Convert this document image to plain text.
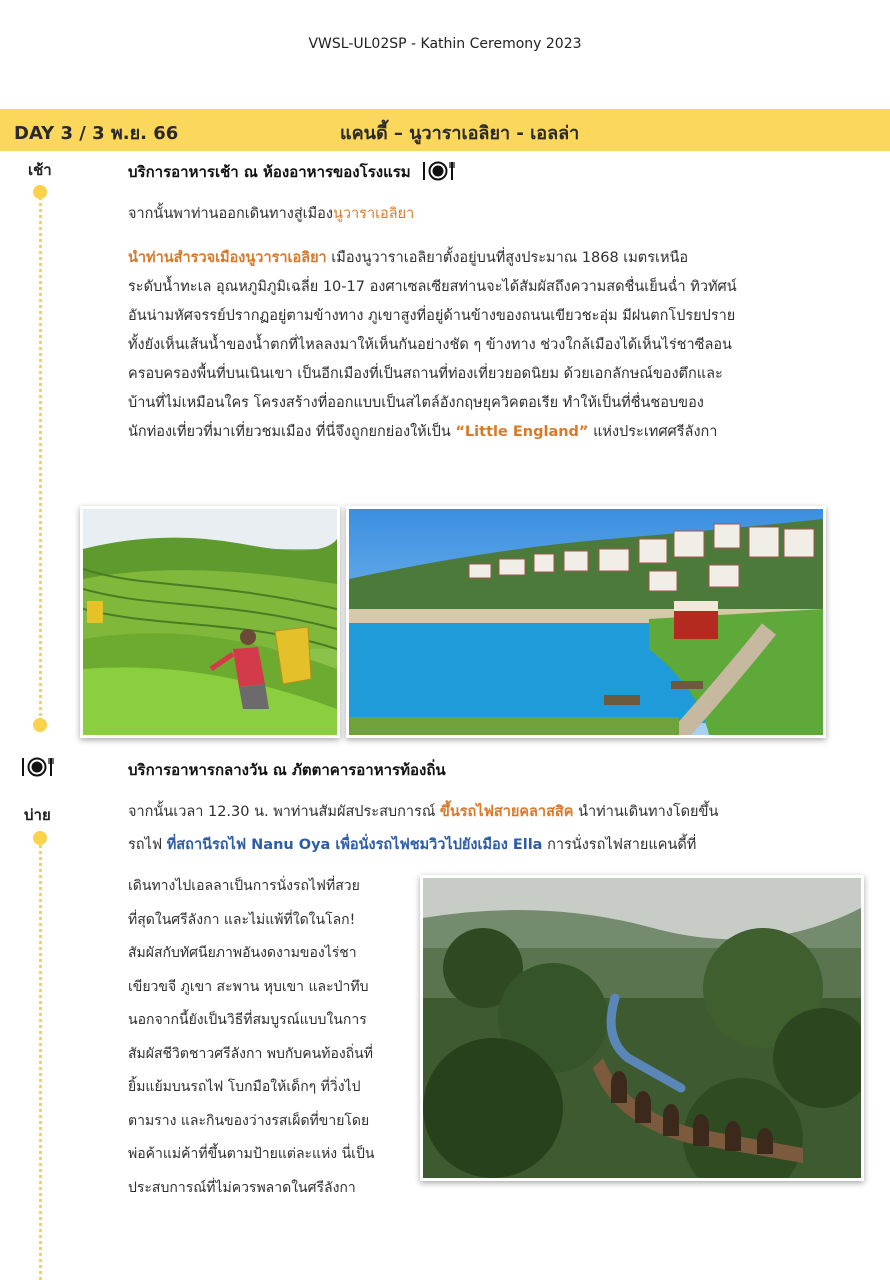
VWSL-UL02SP - Kathin Ceremony 2023
DAY 3 / 3 พ.ย. 66	แคนดี้ – นูวาราเอลิยา - เอลล่า
เช้า	บริการอาหารเช้า ณ ห้องอาหารของโรงแรม
จากนั้นพาท่านออกเดินทางสู่เมืองนูวาราเอลิยา
นำท่านสำรวจเมืองนูวาราเอลิยา เมืองนูวาราเอลิยาตั้งอยู่บนที่สูงประมาณ 1868 เมตรเหนือ
ระดับน้ำทะเล อุณหภูมิภูมิเฉลี่ย 10-17 องศาเซลเซียสท่านจะได้สัมผัสถึงความสดชื่นเย็นฉ่ำ ทิวทัศน์
อันน่ามหัศจรรย์ปรากฏอยู่ตามข้างทาง ภูเขาสูงที่อยู่ด้านข้างของถนนเขียวชะอุ่ม มีฝนตกโปรยปราย
ทั้งยังเห็นเส้นน้ำของน้ำตกที่ไหลลงมาให้เห็นกันอย่างชัด ๆ ข้างทาง ช่วงใกล้เมืองได้เห็นไร่ชาซีลอน
ครอบครองพื้นที่บนเนินเขา เป็นอีกเมืองที่เป็นสถานที่ท่องเที่ยวยอดนิยม ด้วยเอกลักษณ์ของตึกและ
บ้านที่ไม่เหมือนใคร โครงสร้างที่ออกแบบเป็นสไตล์อังกฤษยุควิคตอเรีย ทำให้เป็นที่ชื่นชอบของ
นักท่องเที่ยวที่มาเที่ยวชมเมือง ที่นี่จึงถูกยกย่องให้เป็น “Little England” แห่งประเทศศรีลังกา
บริการอาหารกลางวัน ณ ภัตตาคารอาหารท้องถิ่น
บ่าย	จากนั้นเวลา 12.30 น. พาท่านสัมผัสประสบการณ์ ขึ้นรถไฟสายคลาสสิค นำท่านเดินทางโดยขึ้น
รถไฟ ที่สถานีรถไฟ Nanu Oya เพื่อนั่งรถไฟชมวิวไปยังเมือง Ella การนั่งรถไฟสายแคนดี้ที่
เดินทางไปเอลลาเป็นการนั่งรถไฟที่สวย
ที่สุดในศรีลังกา และไม่แพ้ที่ใดในโลก!
สัมผัสกับทัศนียภาพอันงดงามของไร่ชา
เขียวขจี ภูเขา สะพาน หุบเขา และป่าทึบ
นอกจากนี้ยังเป็นวิธีที่สมบูรณ์แบบในการ
สัมผัสชีวิตชาวศรีลังกา พบกับคนท้องถิ่นที่
ยิ้มแย้มบนรถไฟ โบกมือให้เด็กๆ ที่วิ่งไป
ตามราง และกินของว่างรสเผ็ดที่ขายโดย
พ่อค้าแม่ค้าที่ขึ้นตามป้ายแต่ละแห่ง นี่เป็น
ประสบการณ์ที่ไม่ควรพลาดในศรีลังกา
